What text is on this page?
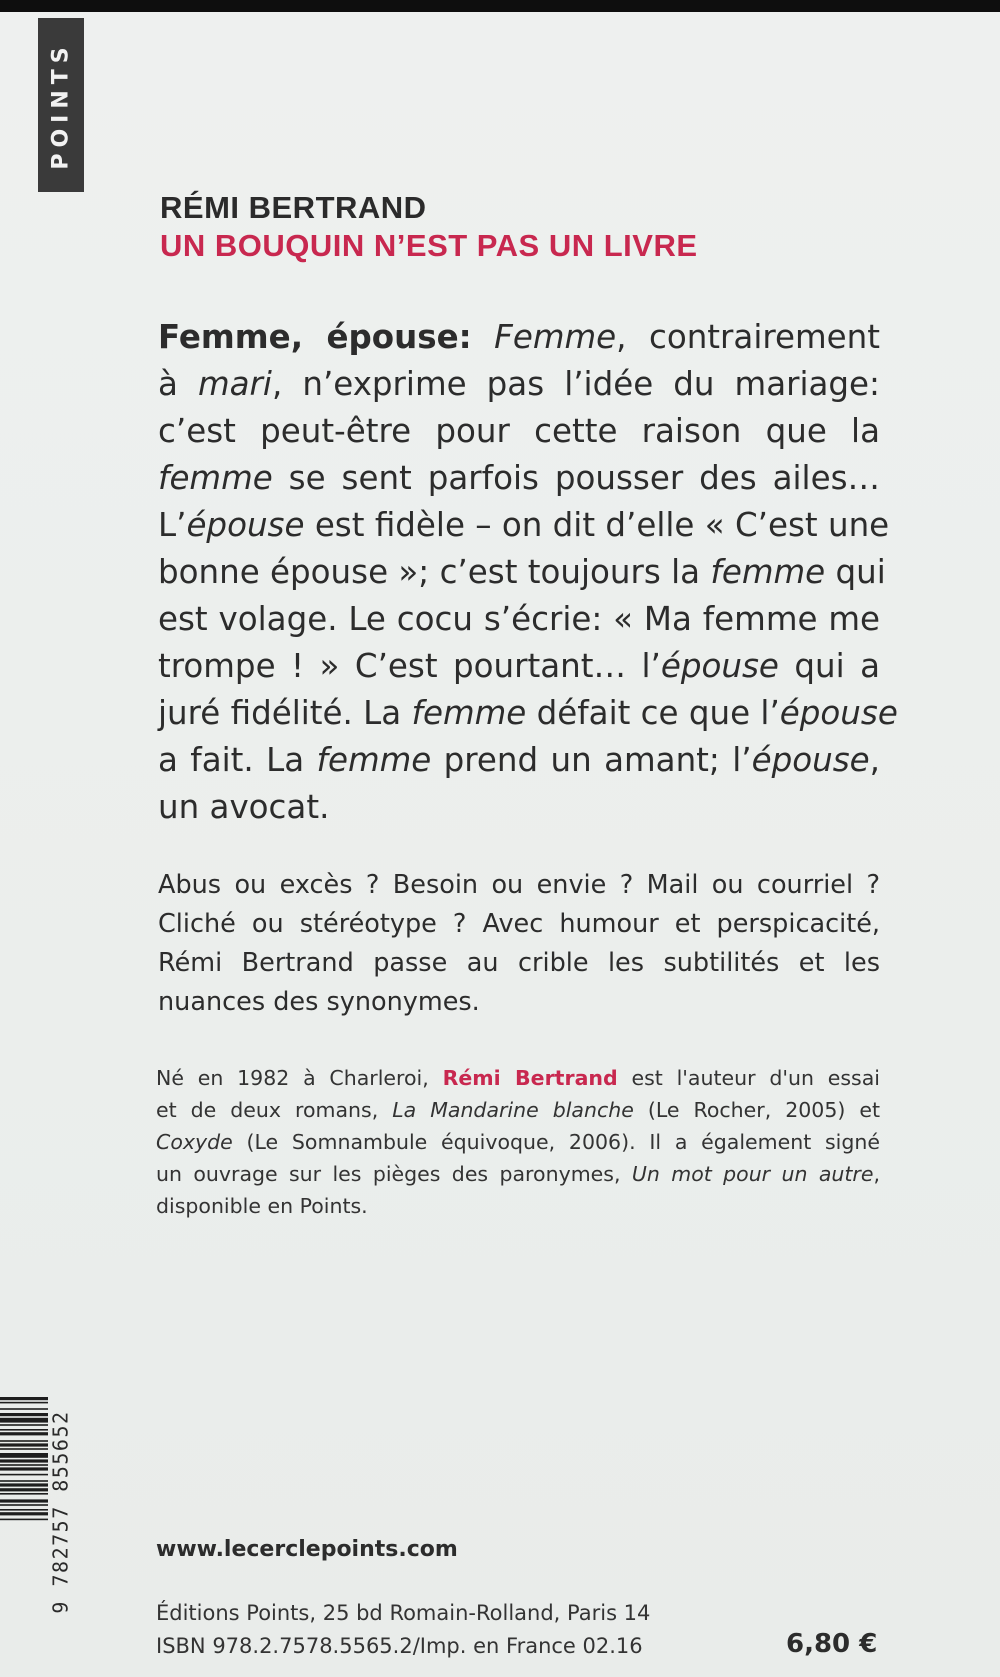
POINTS
RÉMI BERTRAND
UN BOUQUIN N’EST PAS UN LIVRE
Femme, épouse: Femme, contrairement
à mari, n’exprime pas l’idée du mariage:
c’est peut-être pour cette raison que la
femme se sent parfois pousser des ailes…
L’épouse est fidèle – on dit d’elle « C’est une
bonne épouse »; c’est toujours la femme qui
est volage. Le cocu s’écrie: « Ma femme me
trompe ! » C’est pourtant… l’épouse qui a
juré fidélité. La femme défait ce que l’épouse
a fait. La femme prend un amant; l’épouse,
un avocat.
Abus ou excès ? Besoin ou envie ? Mail ou courriel ?
Cliché ou stéréotype ? Avec humour et perspicacité,
Rémi Bertrand passe au crible les subtilités et les
nuances des synonymes.
Né en 1982 à Charleroi, Rémi Bertrand est l'auteur d'un essai
et de deux romans, La Mandarine blanche (Le Rocher, 2005) et
Coxyde (Le Somnambule équivoque, 2006). Il a également signé
un ouvrage sur les pièges des paronymes, Un mot pour un autre,
disponible en Points.
9 782757 855652	www.lecerclepoints.com
Éditions Points, 25 bd Romain-Rolland, Paris 14
ISBN 978.2.7578.5565.2/Imp. en France 02.16	6,80 €
